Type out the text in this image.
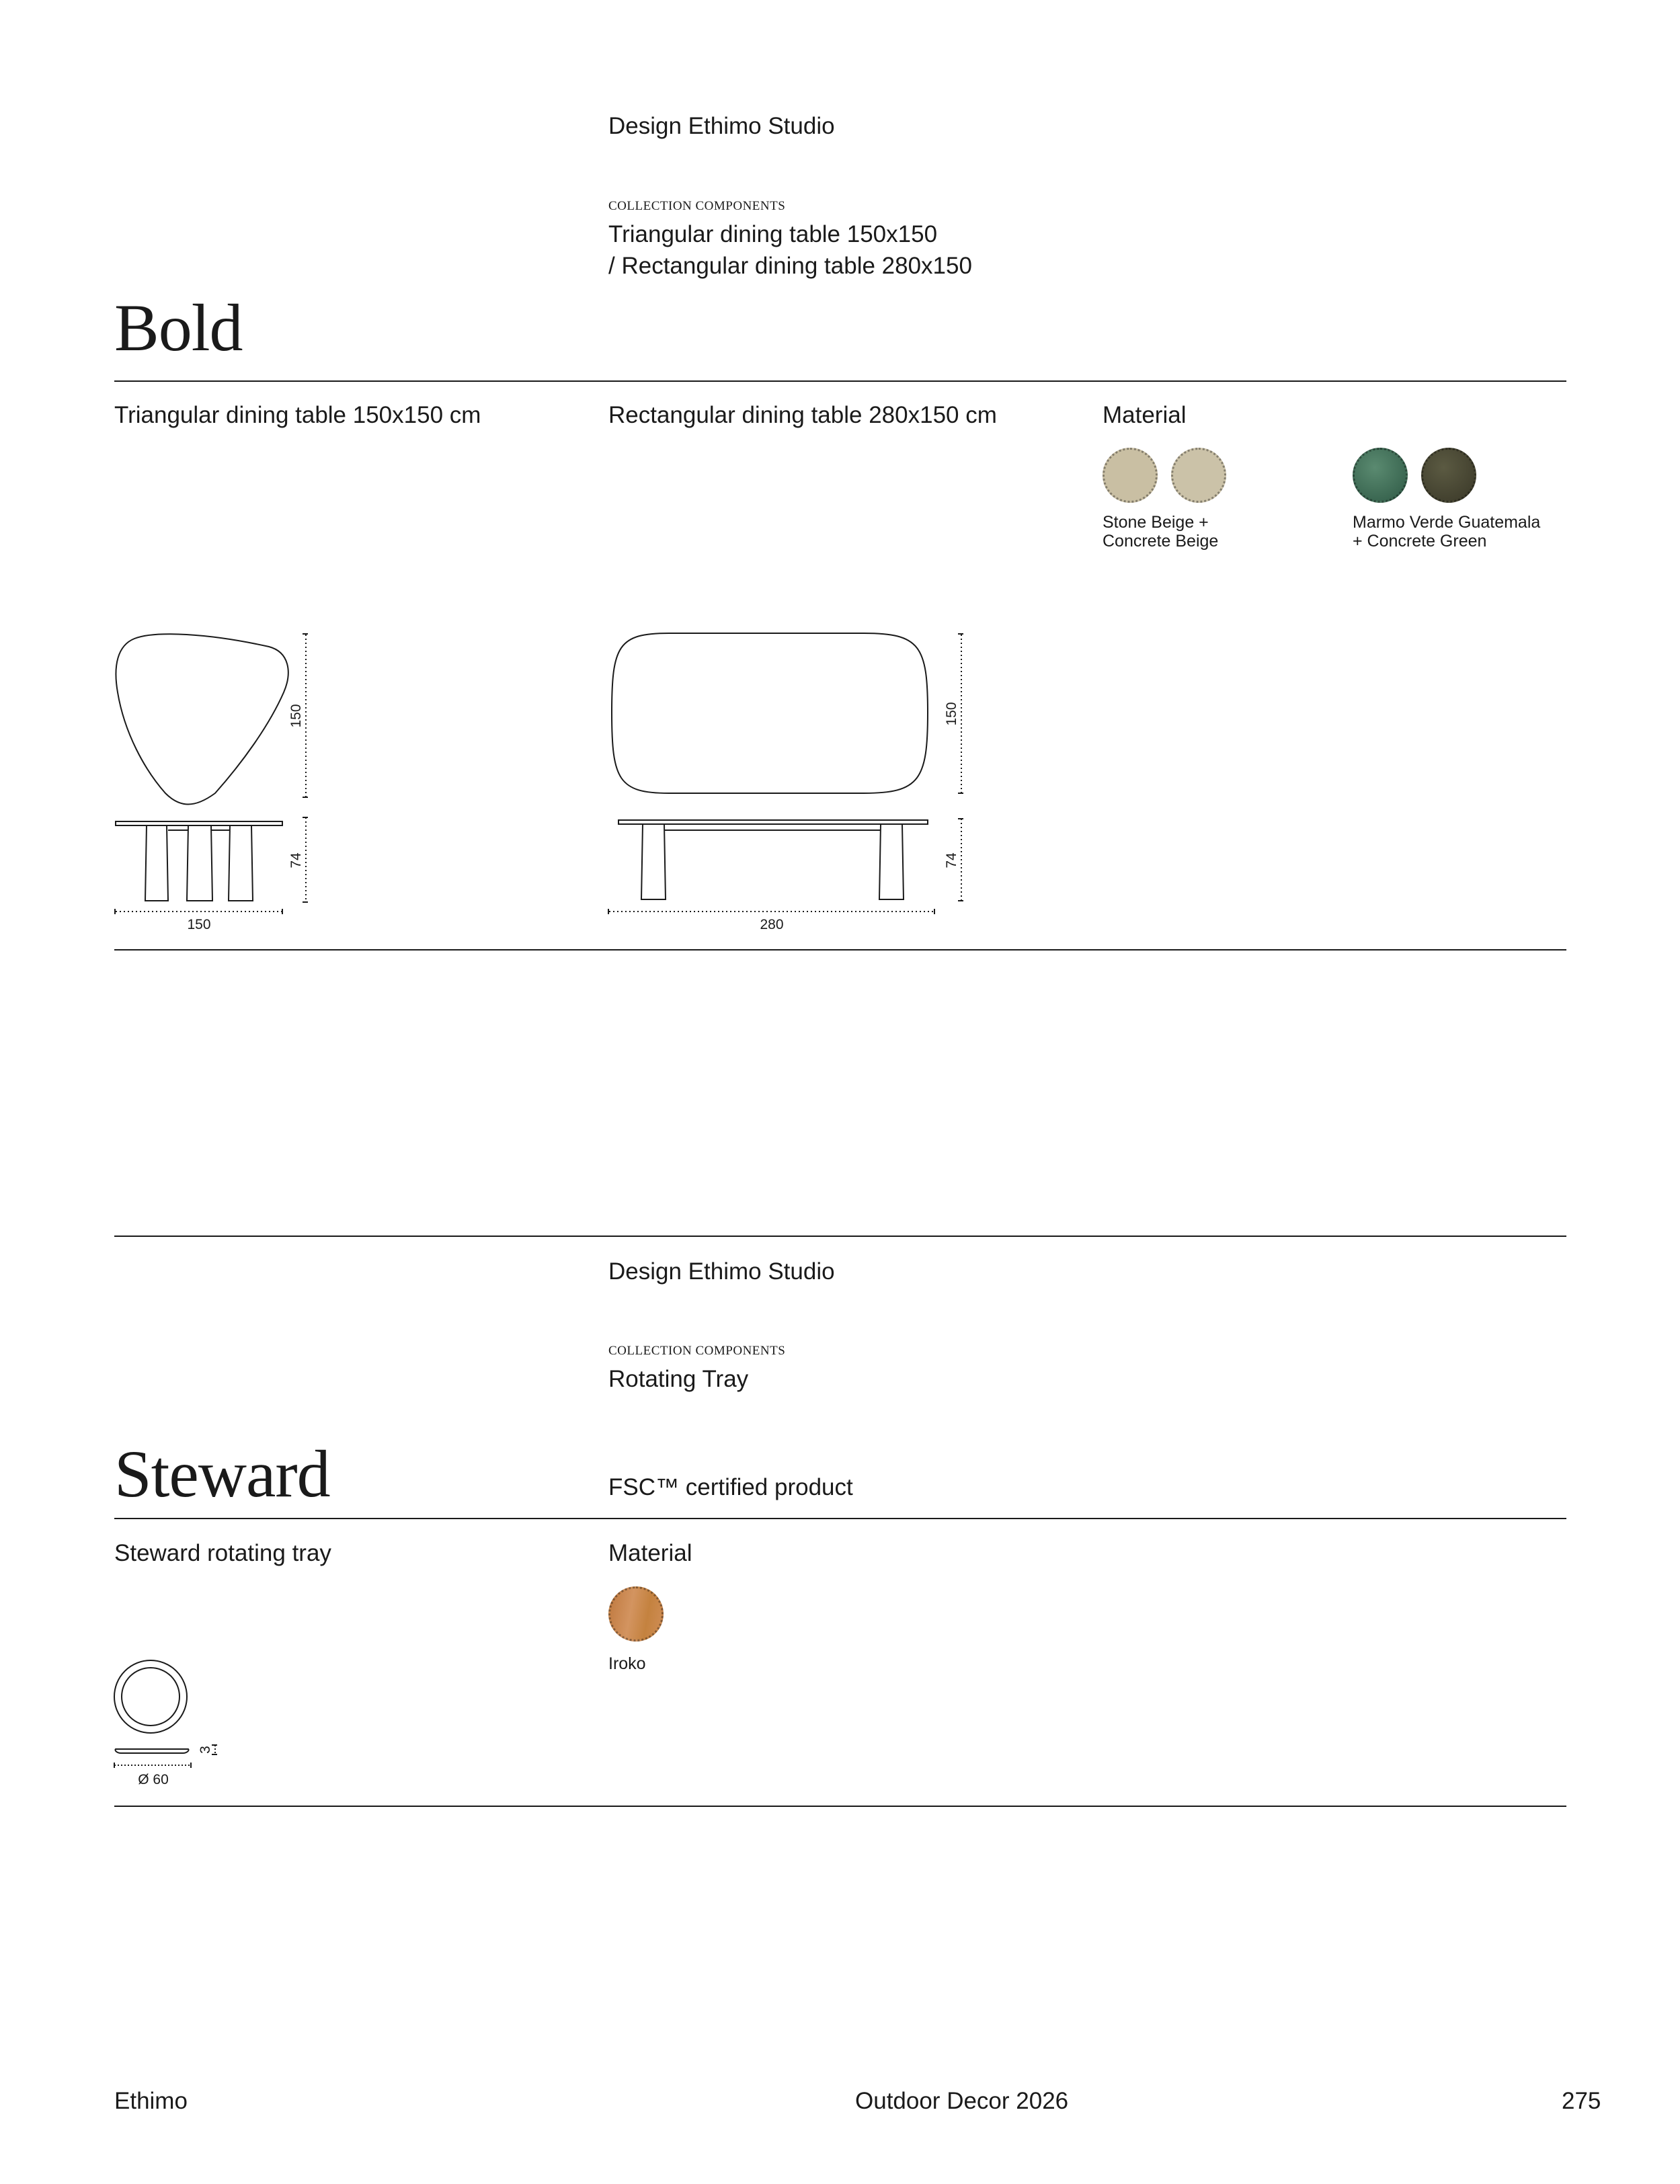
Design Ethimo Studio
COLLECTION COMPONENTS
Triangular dining table 150x150
/ Rectangular dining table 280x150
Bold
Triangular dining table 150x150 cm	Rectangular dining table 280x150 cm	Material
Stone Beige +
Concrete Beige
Marmo Verde Guatemala
+ Concrete Green
150
74
150
150
74
280
Design Ethimo Studio
COLLECTION COMPONENTS
Rotating Tray
Steward	FSC™ certified product
Steward rotating tray	Material
Iroko
3
Ø 60
Ethimo	Outdoor Decor 2026	275
